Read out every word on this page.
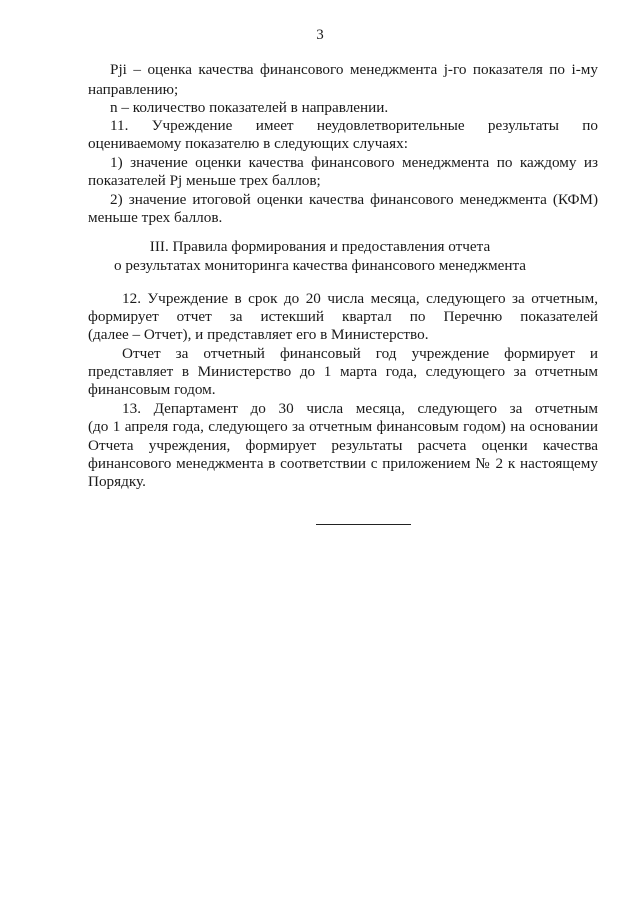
3
Pji – оценка качества финансового менеджмента j-го показателя по i-му
направлению;
n – количество показателей в направлении.
11. Учреждение имеет неудовлетворительные результаты по
оцениваемому показателю в следующих случаях:
1) значение оценки качества финансового менеджмента по каждому из
показателей Pj меньше трех баллов;
2) значение итоговой оценки качества финансового менеджмента (КФМ)
меньше трех баллов.
III. Правила формирования и предоставления отчета
о результатах мониторинга качества финансового менеджмента
12. Учреждение в срок до 20 числа месяца, следующего за отчетным,
формирует отчет за истекший квартал по Перечню показателей
(далее – Отчет), и представляет его в Министерство.
Отчет за отчетный финансовый год учреждение формирует и
представляет в Министерство до 1 марта года, следующего за отчетным
финансовым годом.
13. Департамент до 30 числа месяца, следующего за отчетным
(до 1 апреля года, следующего за отчетным финансовым годом) на основании
Отчета учреждения, формирует результаты расчета оценки качества
финансового менеджмента в соответствии с приложением № 2 к настоящему
Порядку.
